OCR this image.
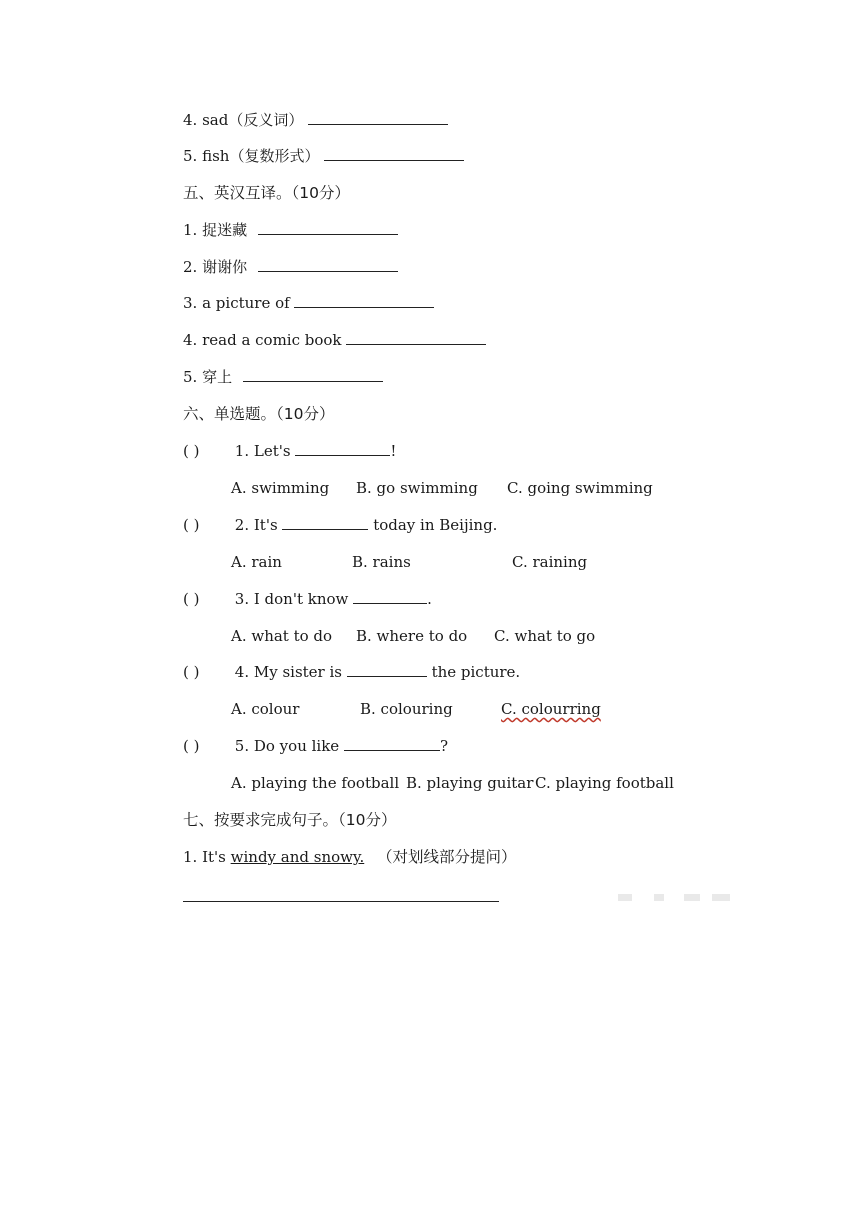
4. sad（反义词）
5. fish（复数形式）
五、英汉互译。（10分）
1. 捉迷藏
2. 谢谢你
3. a picture of
4. read a comic book
5. 穿上
六、单选题。（10分）
( ) 1. Let's	!
A. swimming B. go swimming C. going swimming
( ) 2. It's	today in Beijing.
A. rain	B. rains	C. raining
( ) 3. I don't know	.
A. what to do B. where to do C. what to go
( ) 4. My sister is	the picture.
A. colour	B. colouring	C. colourring
( ) 5. Do you like	?
A. playing the football B. playing guitar C. playing football
七、按要求完成句子。（10分）
1. It's windy and snowy. （对划线部分提问）
